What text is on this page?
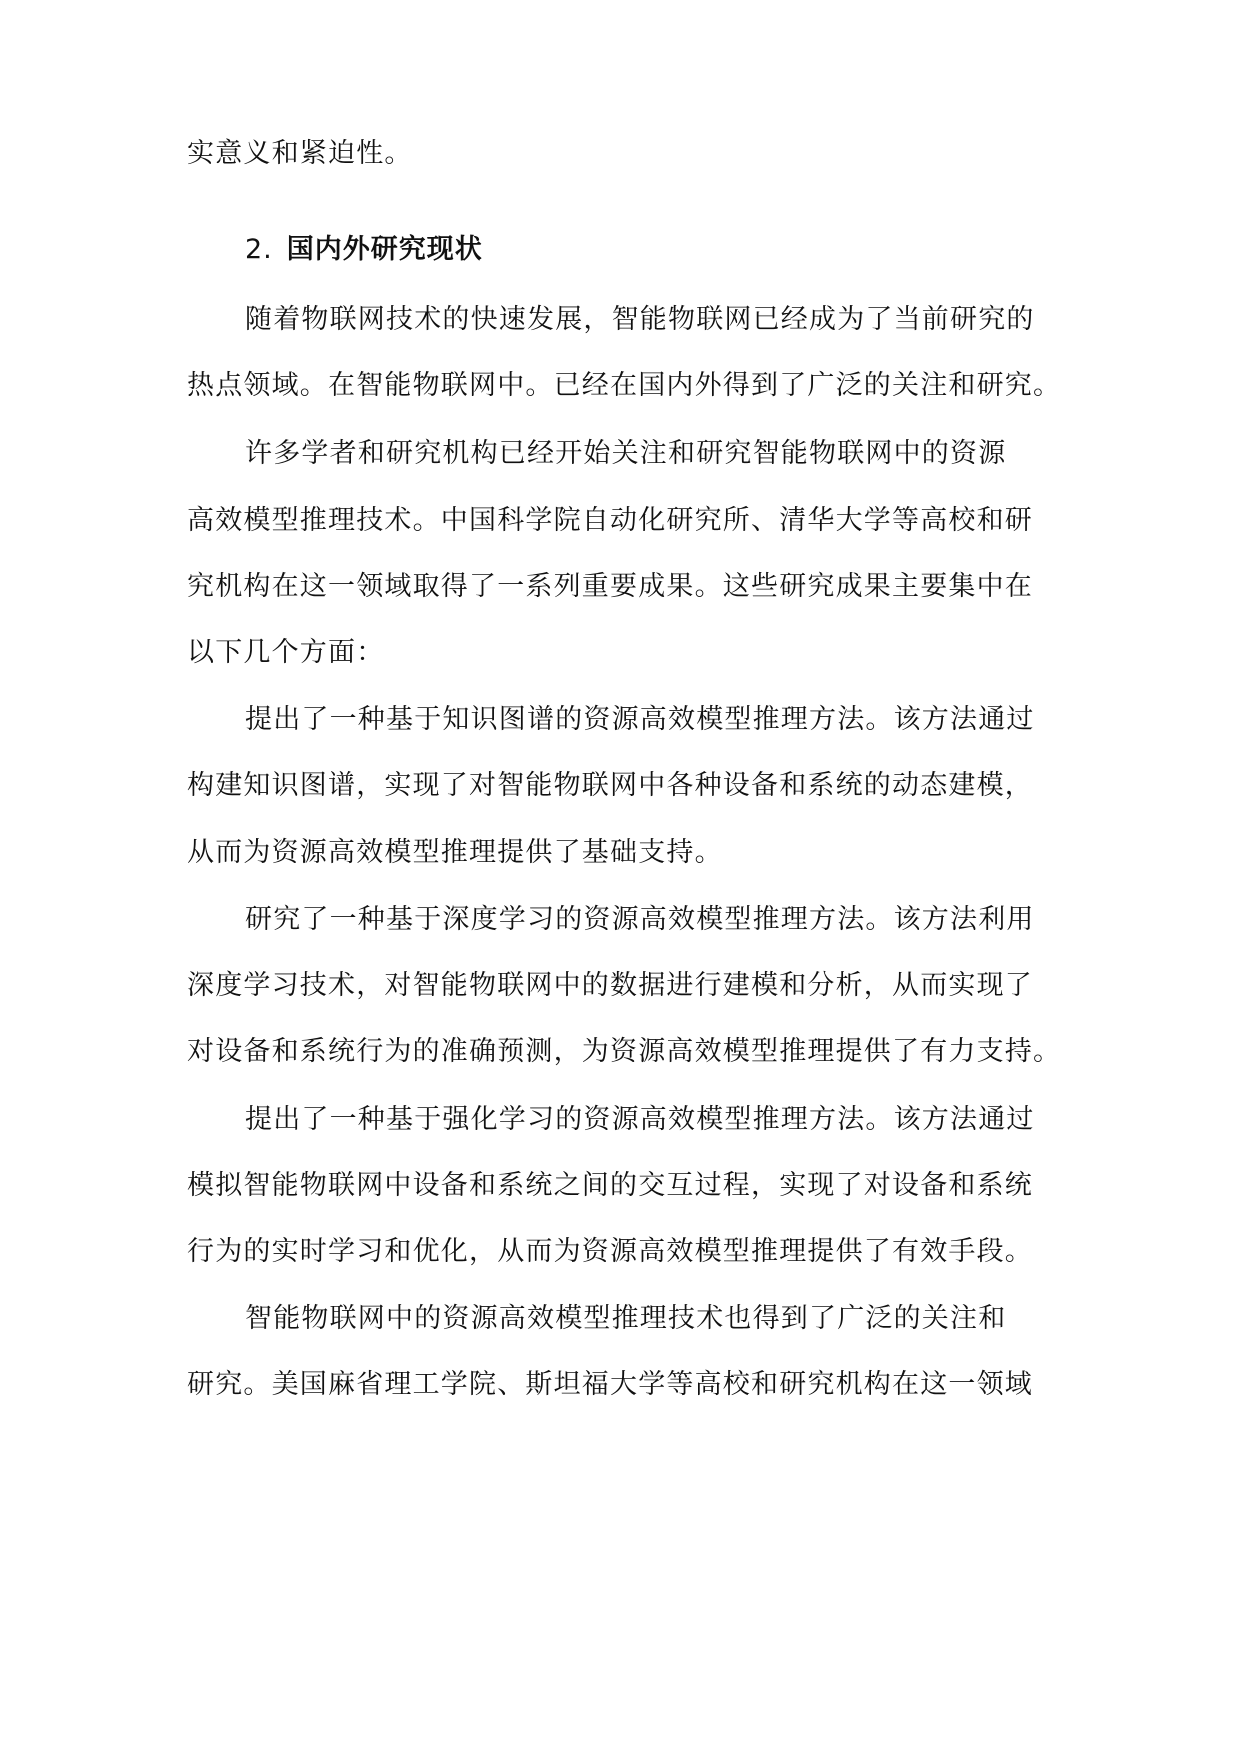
实意义和紧迫性。
2. 国内外研究现状
随着物联网技术的快速发展，智能物联网已经成为了当前研究的
热点领域。在智能物联网中。已经在国内外得到了广泛的关注和研究。
许多学者和研究机构已经开始关注和研究智能物联网中的资源
高效模型推理技术。中国科学院自动化研究所、清华大学等高校和研
究机构在这一领域取得了一系列重要成果。这些研究成果主要集中在
以下几个方面：
提出了一种基于知识图谱的资源高效模型推理方法。该方法通过
构建知识图谱，实现了对智能物联网中各种设备和系统的动态建模，
从而为资源高效模型推理提供了基础支持。
研究了一种基于深度学习的资源高效模型推理方法。该方法利用
深度学习技术，对智能物联网中的数据进行建模和分析，从而实现了
对设备和系统行为的准确预测，为资源高效模型推理提供了有力支持。
提出了一种基于强化学习的资源高效模型推理方法。该方法通过
模拟智能物联网中设备和系统之间的交互过程，实现了对设备和系统
行为的实时学习和优化，从而为资源高效模型推理提供了有效手段。
智能物联网中的资源高效模型推理技术也得到了广泛的关注和
研究。美国麻省理工学院、斯坦福大学等高校和研究机构在这一领域
